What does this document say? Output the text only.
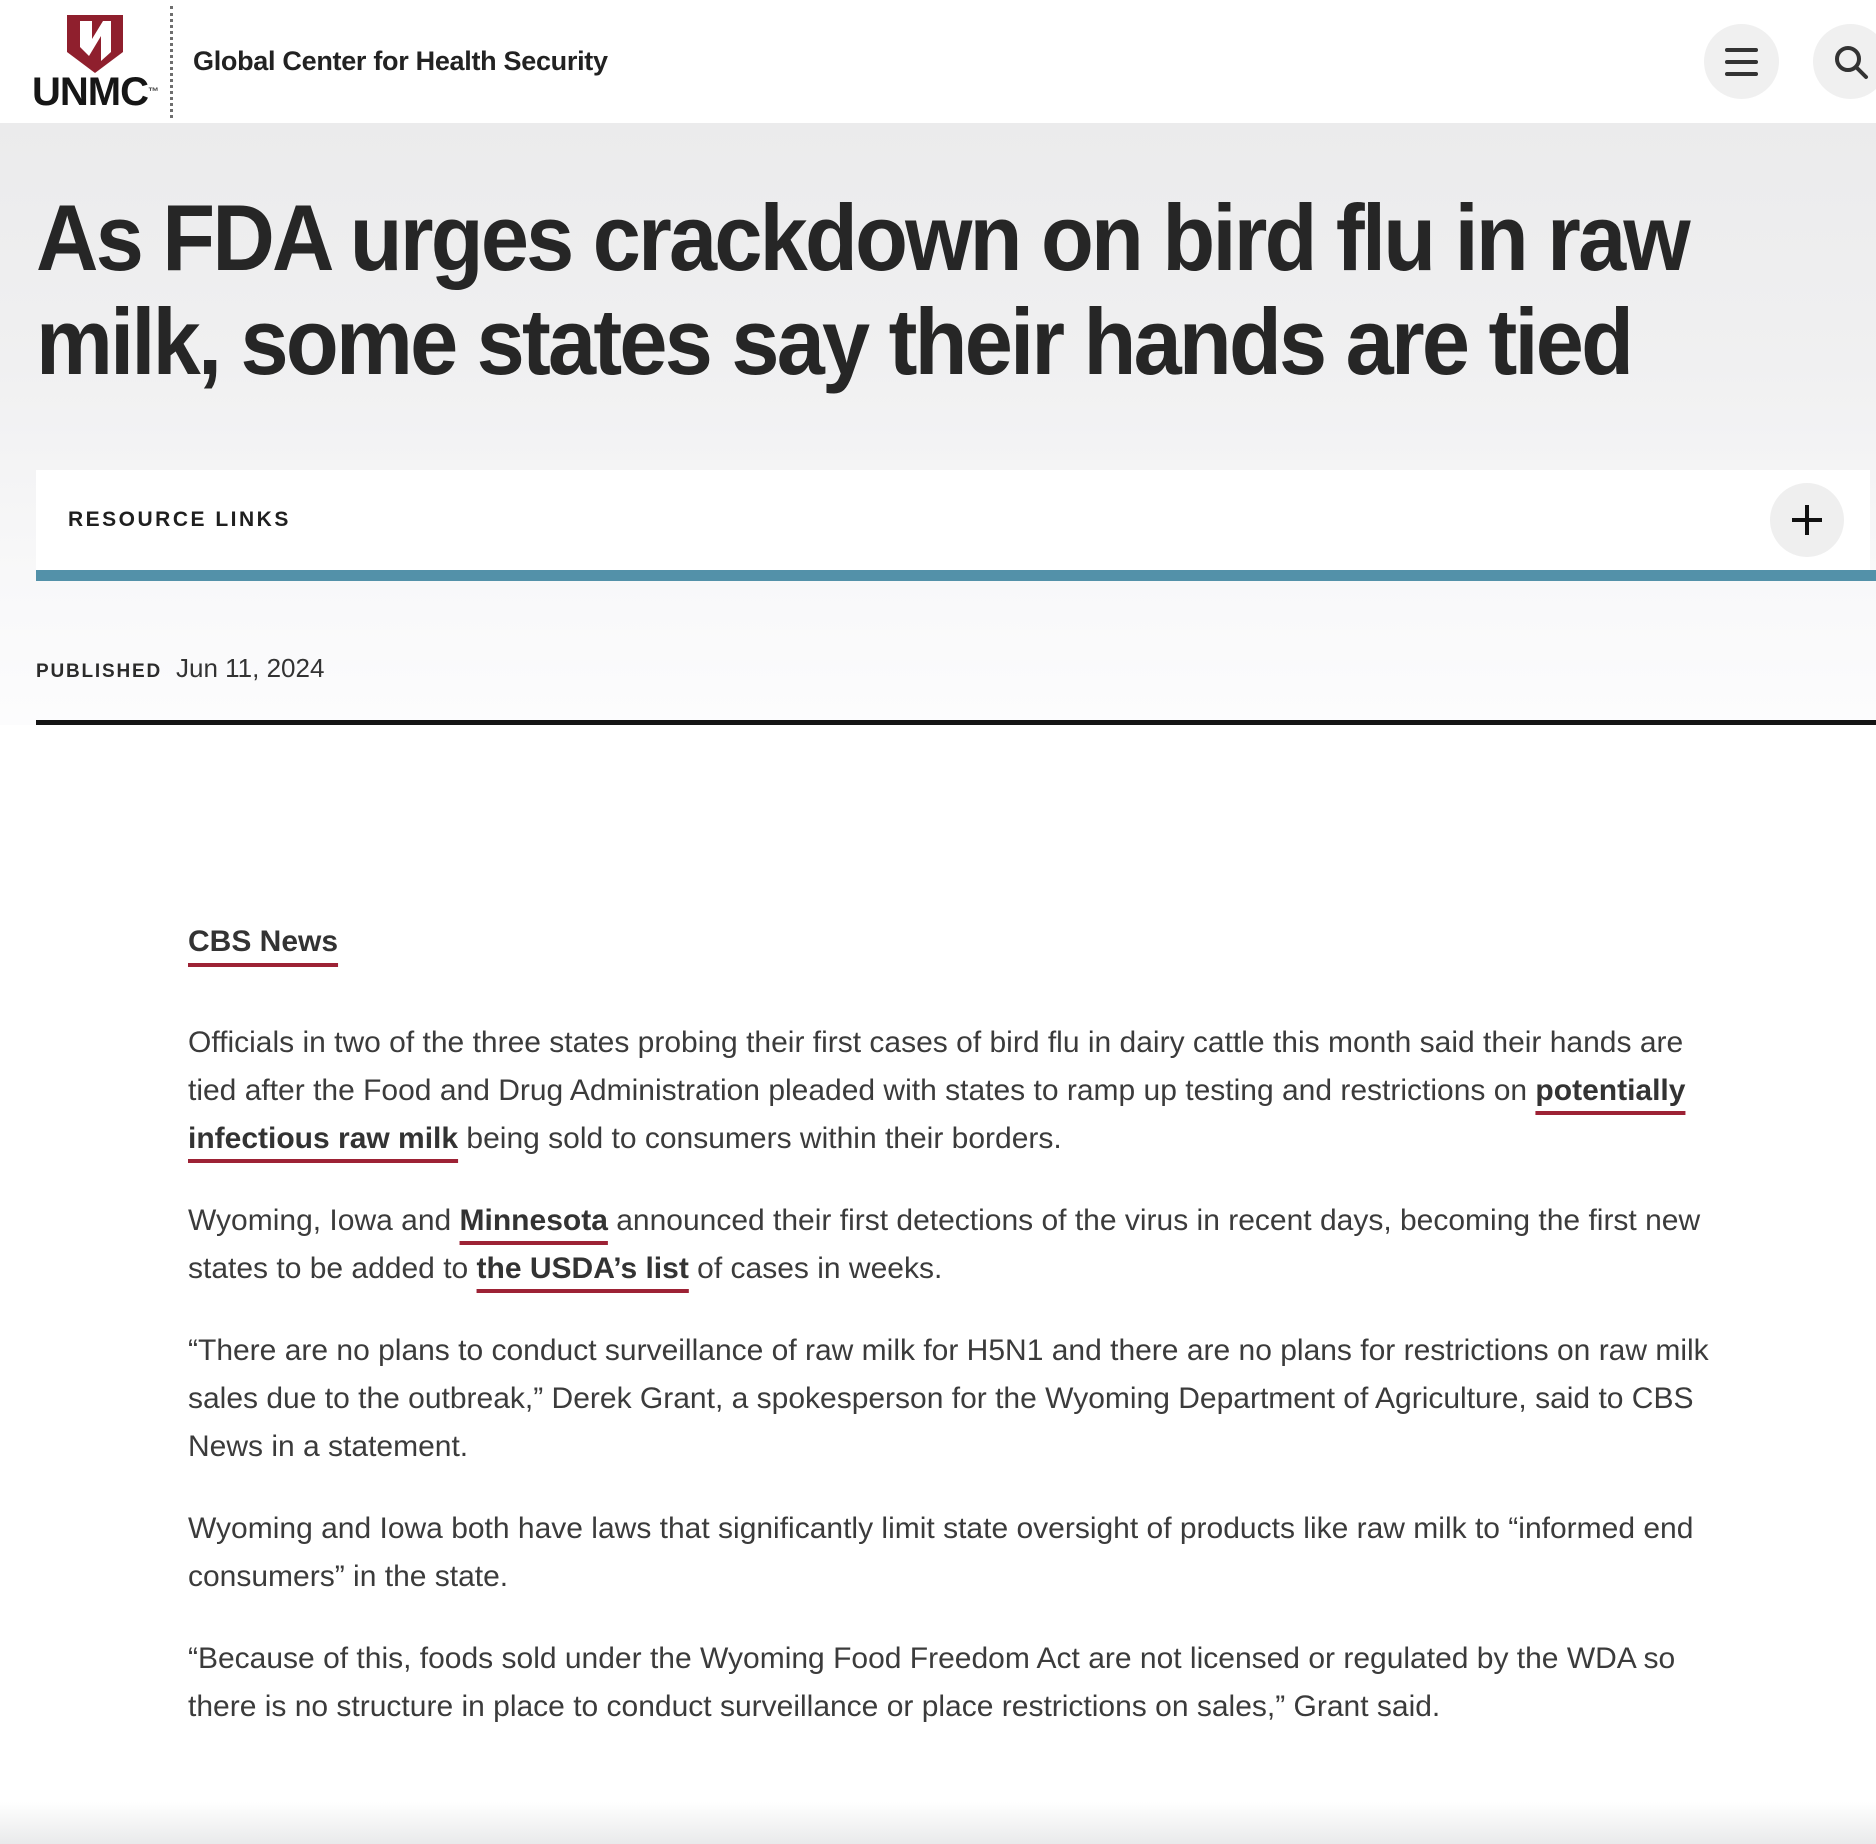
UNMC™
Global Center for Health Security
As FDA urges crackdown on bird flu in raw milk, some states say their hands are tied
RESOURCE LINKS
PUBLISHED Jun 11, 2024
CBS News

Officials in two of the three states probing their first cases of bird flu in dairy cattle this month said their hands are tied after the Food and Drug Administration pleaded with states to ramp up testing and restrictions on potentially infectious raw milk being sold to consumers within their borders.

Wyoming, Iowa and Minnesota announced their first detections of the virus in recent days, becoming the first new states to be added to the USDA’s list of cases in weeks.

“There are no plans to conduct surveillance of raw milk for H5N1 and there are no plans for restrictions on raw milk sales due to the outbreak,” Derek Grant, a spokesperson for the Wyoming Department of Agriculture, said to CBS News in a statement.

Wyoming and Iowa both have laws that significantly limit state oversight of products like raw milk to “informed end consumers” in the state.

“Because of this, foods sold under the Wyoming Food Freedom Act are not licensed or regulated by the WDA so there is no structure in place to conduct surveillance or place restrictions on sales,” Grant said.
